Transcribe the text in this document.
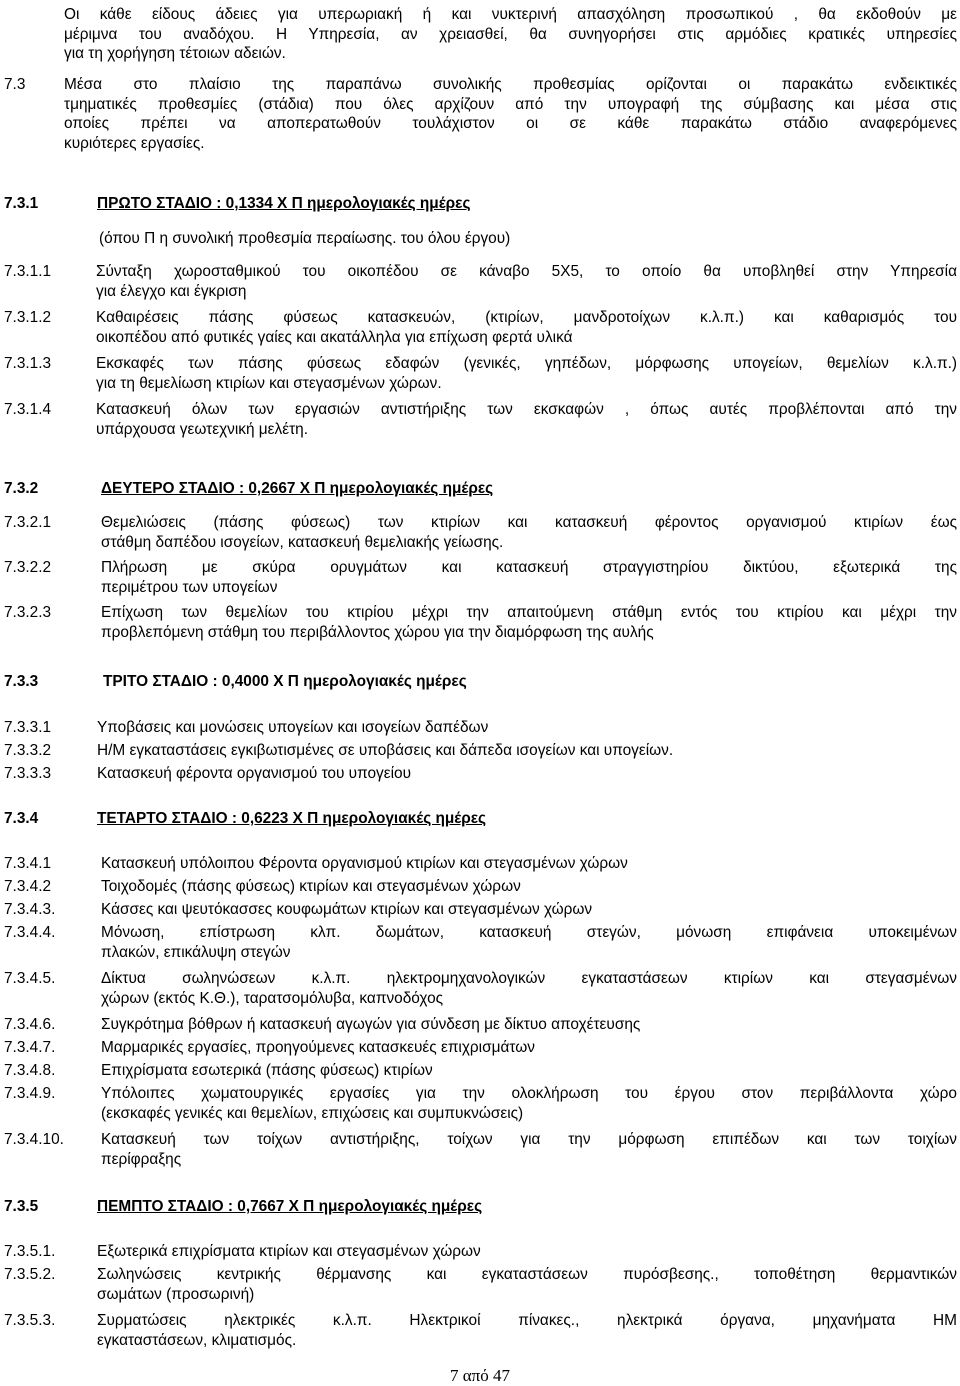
Οι κάθε είδους άδειες για υπερωριακή ή και νυκτερινή απασχόληση προσωπικού , θα εκδοθούν με
μέριμνα του αναδόχου. Η Υπηρεσία, αν χρειασθεί, θα συνηγορήσει στις αρμόδιες κρατικές υπηρεσίες
για τη χορήγηση τέτοιων αδειών.
7.3	Μέσα στο πλαίσιο της παραπάνω συνολικής προθεσμίας ορίζονται οι παρακάτω ενδεικτικές
τμηματικές προθεσμίες (στάδια) που όλες αρχίζουν από την υπογραφή της σύμβασης και μέσα στις
οποίες πρέπει να αποπερατωθούν τουλάχιστον οι σε κάθε παρακάτω στάδιο αναφερόμενες
κυριότερες εργασίες.
7.3.1	ΠΡΩΤΟ ΣΤΑΔΙΟ : 0,1334 Χ Π ημερολογιακές ημέρες
(όπου Π η συνολική προθεσμία περαίωσης. του όλου έργου)
7.3.1.1	Σύνταξη χωροσταθμικού του οικοπέδου σε κάναβο 5Χ5, το οποίο θα υποβληθεί στην Υπηρεσία
για έλεγχο και έγκριση
7.3.1.2	Καθαιρέσεις πάσης φύσεως κατασκευών, (κτιρίων, μανδροτοίχων κ.λ.π.) και καθαρισμός του
οικοπέδου από φυτικές γαίες και ακατάλληλα για επίχωση φερτά υλικά
7.3.1.3	Εκσκαφές των πάσης φύσεως εδαφών (γενικές, γηπέδων, μόρφωσης υπογείων, θεμελίων κ.λ.π.)
για τη θεμελίωση κτιρίων και στεγασμένων χώρων.
7.3.1.4	Κατασκευή όλων των εργασιών αντιστήριξης των εκσκαφών , όπως αυτές προβλέπονται από την
υπάρχουσα γεωτεχνική μελέτη.
7.3.2	ΔΕΥΤΕΡΟ ΣΤΑΔΙΟ : 0,2667 Χ Π ημερολογιακές ημέρες
7.3.2.1	Θεμελιώσεις (πάσης φύσεως) των κτιρίων και κατασκευή φέροντος οργανισμού κτιρίων έως
στάθμη δαπέδου ισογείων, κατασκευή θεμελιακής γείωσης.
7.3.2.2	Πλήρωση με σκύρα ορυγμάτων και κατασκευή στραγγιστηρίου δικτύου, εξωτερικά της
περιμέτρου των υπογείων
7.3.2.3	Επίχωση των θεμελίων του κτιρίου μέχρι την απαιτούμενη στάθμη εντός του κτιρίου και μέχρι την
προβλεπόμενη στάθμη του περιβάλλοντος χώρου για την διαμόρφωση της αυλής
7.3.3	ΤΡΙΤΟ ΣΤΑΔΙΟ : 0,4000 Χ Π ημερολογιακές ημέρες
7.3.3.1	Υποβάσεις και μονώσεις υπογείων και ισογείων δαπέδων
7.3.3.2	Η/Μ εγκαταστάσεις εγκιβωτισμένες σε υποβάσεις και δάπεδα ισογείων και υπογείων.
7.3.3.3	Κατασκευή φέροντα οργανισμού του υπογείου
7.3.4	ΤΕΤΑΡΤΟ ΣΤΑΔΙΟ : 0,6223 Χ Π ημερολογιακές ημέρες
7.3.4.1	Κατασκευή υπόλοιπου Φέροντα οργανισμού κτιρίων και στεγασμένων χώρων
7.3.4.2	Τοιχοδομές (πάσης φύσεως) κτιρίων και στεγασμένων χώρων
7.3.4.3.	Κάσσες και ψευτόκασσες κουφωμάτων κτιρίων και στεγασμένων χώρων
7.3.4.4.	Μόνωση, επίστρωση κλπ. δωμάτων, κατασκευή στεγών, μόνωση επιφάνεια υποκειμένων
πλακών, επικάλυψη στεγών
7.3.4.5.	Δίκτυα σωληνώσεων κ.λ.π. ηλεκτρομηχανολογικών εγκαταστάσεων κτιρίων και στεγασμένων
χώρων (εκτός Κ.Θ.), ταρατσομόλυβα, καπνοδόχος
7.3.4.6.	Συγκρότημα βόθρων ή κατασκευή αγωγών για σύνδεση με δίκτυο αποχέτευσης
7.3.4.7.	Μαρμαρικές εργασίες, προηγούμενες κατασκευές επιχρισμάτων
7.3.4.8.	Επιχρίσματα εσωτερικά (πάσης φύσεως) κτιρίων
7.3.4.9.	Υπόλοιπες χωματουργικές εργασίες για την ολοκλήρωση του έργου στον περιβάλλοντα χώρο
(εκσκαφές γενικές και θεμελίων, επιχώσεις και συμπυκνώσεις)
7.3.4.10. Κατασκευή των τοίχων αντιστήριξης, τοίχων για την μόρφωση επιπέδων και των τοιχίων
περίφραξης
7.3.5	ΠΕΜΠΤΟ ΣΤΑΔΙΟ : 0,7667 Χ Π ημερολογιακές ημέρες
7.3.5.1.	Εξωτερικά επιχρίσματα κτιρίων και στεγασμένων χώρων
7.3.5.2.	Σωληνώσεις κεντρικής θέρμανσης και εγκαταστάσεων πυρόσβεσης., τοποθέτηση θερμαντικών
σωμάτων (προσωρινή)
7.3.5.3.	Συρματώσεις ηλεκτρικές κ.λ.π. Ηλεκτρικοί πίνακες., ηλεκτρικά όργανα, μηχανήματα ΗΜ
εγκαταστάσεων, κλιματισμός.
7 από 47
